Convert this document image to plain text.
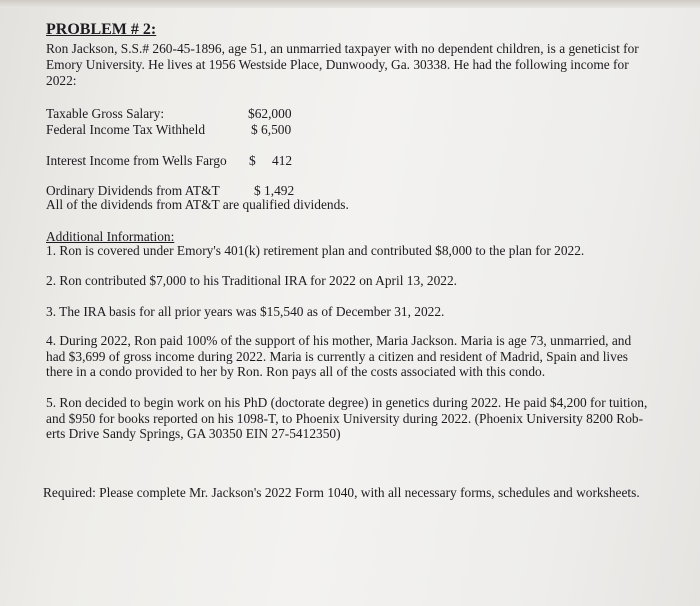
PROBLEM # 2:

Ron Jackson, S.S.# 260-45-1896, age 51, an unmarried taxpayer with no dependent children, is a geneticist for
Emory University. He lives at 1956 Westside Place, Dunwoody, Ga. 30338. He had the following income for
2022:
Taxable Gross Salary:	$62,000
Federal Income Tax Withheld	$ 6,500
Interest Income from Wells Fargo $ 412
Ordinary Dividends from AT&T	$ 1,492
All of the dividends from AT&T are qualified dividends.
Additional Information:
1. Ron is covered under Emory's 401(k) retirement plan and contributed $8,000 to the plan for 2022.
2. Ron contributed $7,000 to his Traditional IRA for 2022 on April 13, 2022.
3. The IRA basis for all prior years was $15,540 as of December 31, 2022.
4. During 2022, Ron paid 100% of the support of his mother, Maria Jackson. Maria is age 73, unmarried, and
had $3,699 of gross income during 2022. Maria is currently a citizen and resident of Madrid, Spain and lives
there in a condo provided to her by Ron. Ron pays all of the costs associated with this condo.
5. Ron decided to begin work on his PhD (doctorate degree) in genetics during 2022. He paid $4,200 for tuition,
and $950 for books reported on his 1098-T, to Phoenix University during 2022. (Phoenix University 8200 Rob-
erts Drive Sandy Springs, GA 30350 EIN 27-5412350)
Required: Please complete Mr. Jackson's 2022 Form 1040, with all necessary forms, schedules and worksheets.
